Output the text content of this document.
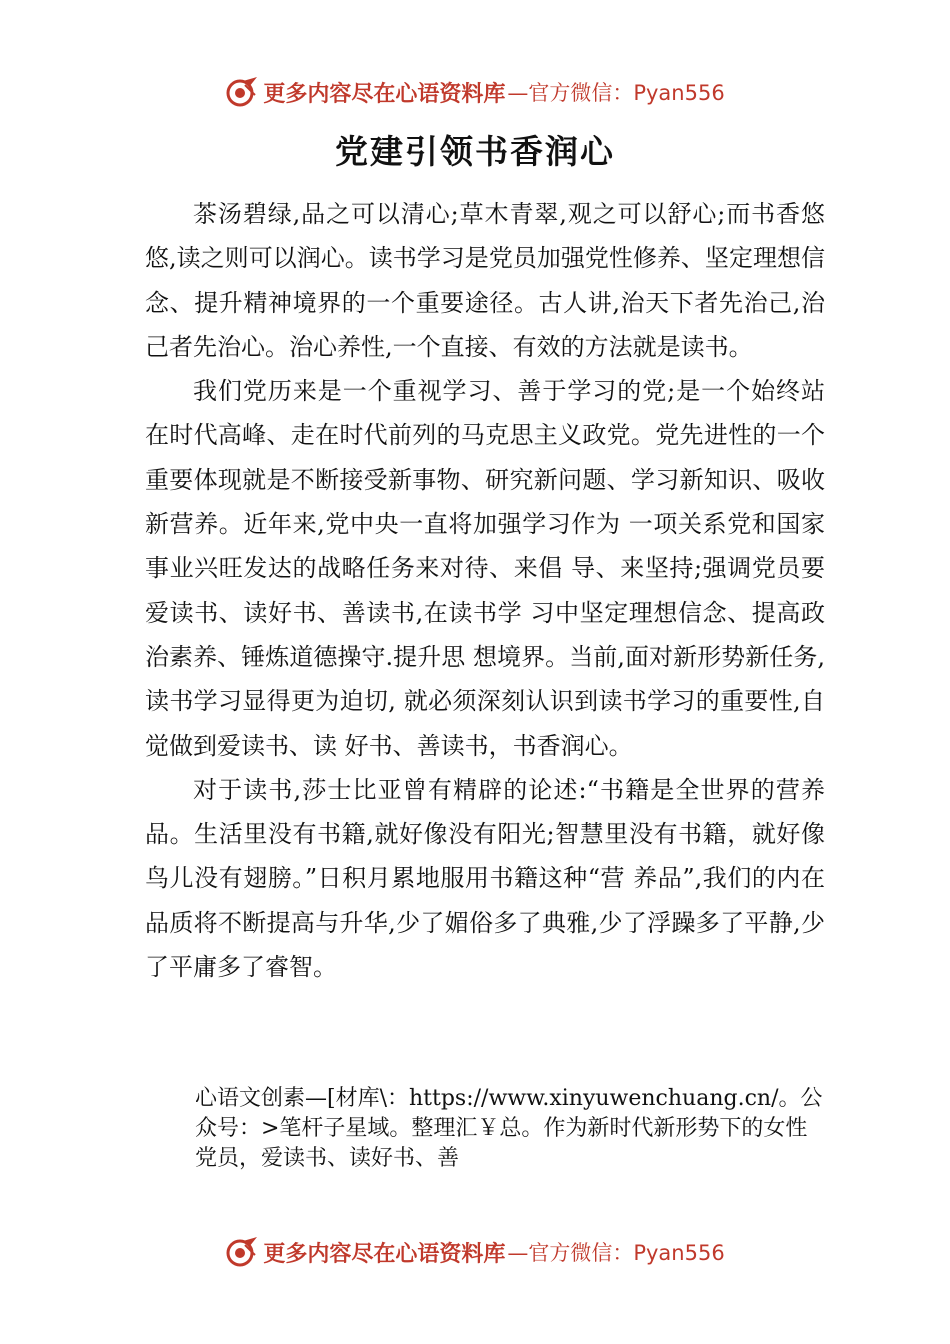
更多内容尽在心语资料库 —官方微信：Pyan556
党建引领书香润心

茶汤碧绿,品之可以清心;草木青翠,观之可以舒心;而书香悠悠,读之则可以润心。读书学习是党员加强党性修养、坚定理想信念、提升精神境界的一个重要途径。古人讲,治天下者先治己,治己者先治心。治心养性,一个直接、有效的方法就是读书。

我们党历来是一个重视学习、善于学习的党;是一个始终站在时代高峰、走在时代前列的马克思主义政党。党先进性的一个重要体现就是不断接受新事物、研究新问题、学习新知识、吸收新营养。近年来,党中央一直将加强学习作为 一项关系党和国家事业兴旺发达的战略任务来对待、来倡 导、来坚持;强调党员要爱读书、读好书、善读书,在读书学 习中坚定理想信念、提高政治素养、锤炼道德操守.提升思 想境界。当前,面对新形势新任务,读书学习显得更为迫切, 就必须深刻认识到读书学习的重要性,自觉做到爱读书、读 好书、善读书，书香润心。

对于读书,莎士比亚曾有精辟的论述:“书籍是全世界的营养品。生活里没有书籍,就好像没有阳光;智慧里没有书籍，就好像鸟儿没有翅膀。”日积月累地服用书籍这种“营 养品”,我们的内在品质将不断提高与升华,少了媚俗多了典雅,少了浮躁多了平静,少了平庸多了睿智。

心语文创素—[材库\：https://www.xinyuwenchuang.cn/。公众号：>笔杆子星域。整理汇￥总。作为新时代新形势下的女性党员，爱读书、读好书、善
更多内容尽在心语资料库 —官方微信：Pyan556
